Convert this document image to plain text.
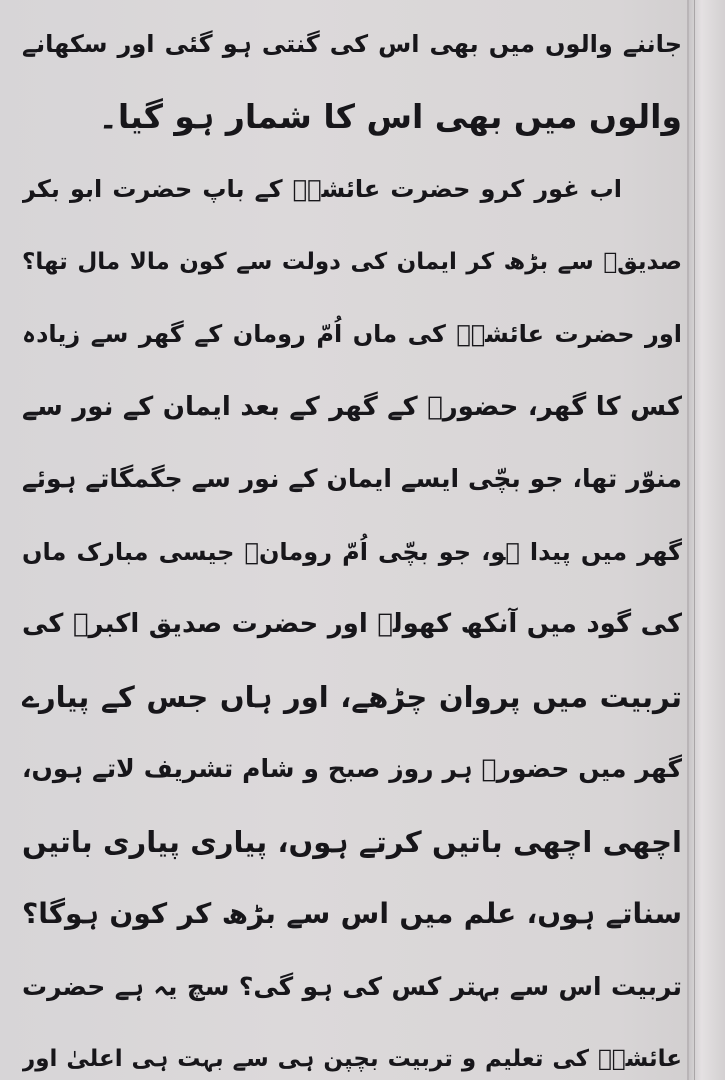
جاننے والوں میں بھی اس کی گنتی ہو گئی اور سکھانے
والوں میں بھی اس کا شمار ہو گیا۔
اب غور کرو حضرت عائشہؓ کے باپ حضرت ابو بکر
صدیقؓ سے بڑھ کر ایمان کی دولت سے کون مالا مال تھا؟
اور حضرت عائشہؓ کی ماں اُمّ رومان کے گھر سے زیادہ
کس کا گھر، حضورؐ کے گھر کے بعد ایمان کے نور سے
منوّر تھا، جو بچّی ایسے ایمان کے نور سے جگمگاتے ہوئے
گھر میں پیدا ہو، جو بچّی اُمّ رومانؓ جیسی مبارک ماں
کی گود میں آنکھ کھولے اور حضرت صدیق اکبرؓ کی
تربیت میں پروان چڑھے، اور ہاں جس کے پیارے
گھر میں حضورؐ ہر روز صبح و شام تشریف لاتے ہوں،
اچھی اچھی باتیں کرتے ہوں، پیاری پیاری باتیں
سناتے ہوں، علم میں اس سے بڑھ کر کون ہوگا؟
تربیت اس سے بہتر کس کی ہو گی؟ سچ یہ ہے حضرت
عائشہؓ کی تعلیم و تربیت بچپن ہی سے بہت ہی اعلیٰ اور
